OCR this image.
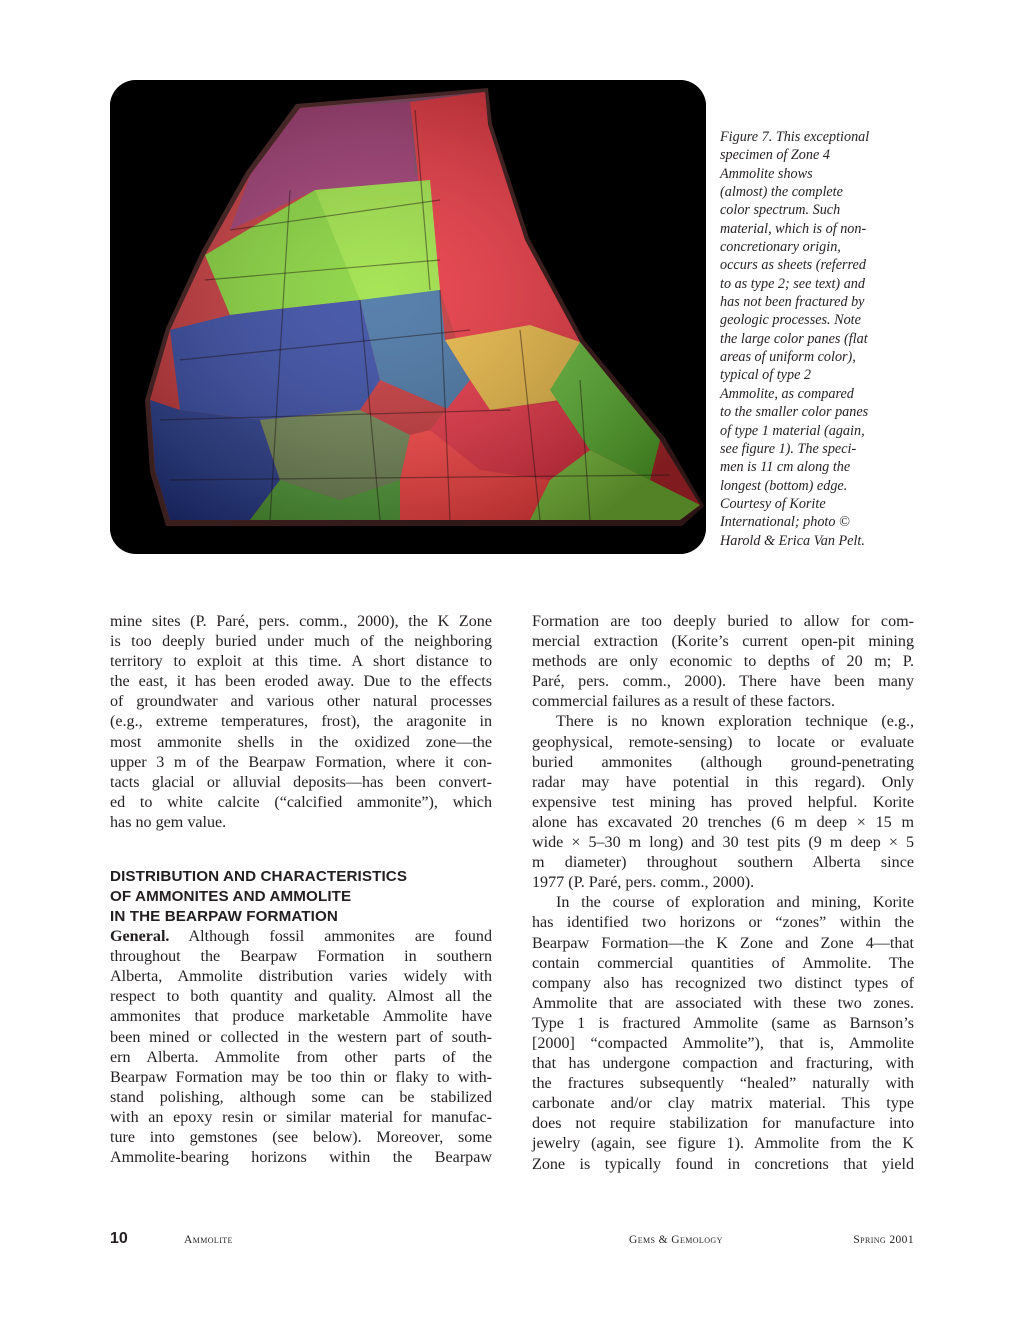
Figure 7. This exceptional
specimen of Zone 4
Ammolite shows
(almost) the complete
color spectrum. Such
material, which is of non-
concretionary origin,
occurs as sheets (referred
to as type 2; see text) and
has not been fractured by
geologic processes. Note
the large color panes (flat
areas of uniform color),
typical of type 2
Ammolite, as compared
to the smaller color panes
of type 1 material (again,
see figure 1). The speci-
men is 11 cm along the
longest (bottom) edge.
Courtesy of Korite
International; photo ©
Harold & Erica Van Pelt.
mine sites (P. Paré, pers. comm., 2000), the K Zone
is too deeply buried under much of the neighboring
territory to exploit at this time. A short distance to
the east, it has been eroded away. Due to the effects
of groundwater and various other natural processes
(e.g., extreme temperatures, frost), the aragonite in
most ammonite shells in the oxidized zone—the
upper 3 m of the Bearpaw Formation, where it con-
tacts glacial or alluvial deposits—has been convert-
ed to white calcite (“calcified ammonite”), which
has no gem value.
DISTRIBUTION AND CHARACTERISTICS
OF AMMONITES AND AMMOLITE
IN THE BEARPAW FORMATION
General. Although fossil ammonites are found
throughout the Bearpaw Formation in southern
Alberta, Ammolite distribution varies widely with
respect to both quantity and quality. Almost all the
ammonites that produce marketable Ammolite have
been mined or collected in the western part of south-
ern Alberta. Ammolite from other parts of the
Bearpaw Formation may be too thin or flaky to with-
stand polishing, although some can be stabilized
with an epoxy resin or similar material for manufac-
ture into gemstones (see below). Moreover, some
Ammolite-bearing horizons within the Bearpaw
Formation are too deeply buried to allow for com-
mercial extraction (Korite’s current open-pit mining
methods are only economic to depths of 20 m; P.
Paré, pers. comm., 2000). There have been many
commercial failures as a result of these factors.
There is no known exploration technique (e.g.,
geophysical, remote-sensing) to locate or evaluate
buried ammonites (although ground-penetrating
radar may have potential in this regard). Only
expensive test mining has proved helpful. Korite
alone has excavated 20 trenches (6 m deep × 15 m
wide × 5–30 m long) and 30 test pits (9 m deep × 5
m diameter) throughout southern Alberta since
1977 (P. Paré, pers. comm., 2000).
In the course of exploration and mining, Korite
has identified two horizons or “zones” within the
Bearpaw Formation—the K Zone and Zone 4—that
contain commercial quantities of Ammolite. The
company also has recognized two distinct types of
Ammolite that are associated with these two zones.
Type 1 is fractured Ammolite (same as Barnson’s
[2000] “compacted Ammolite”), that is, Ammolite
that has undergone compaction and fracturing, with
the fractures subsequently “healed” naturally with
carbonate and/or clay matrix material. This type
does not require stabilization for manufacture into
jewelry (again, see figure 1). Ammolite from the K
Zone is typically found in concretions that yield
10	Ammolite	Gems & Gemology	Spring 2001
